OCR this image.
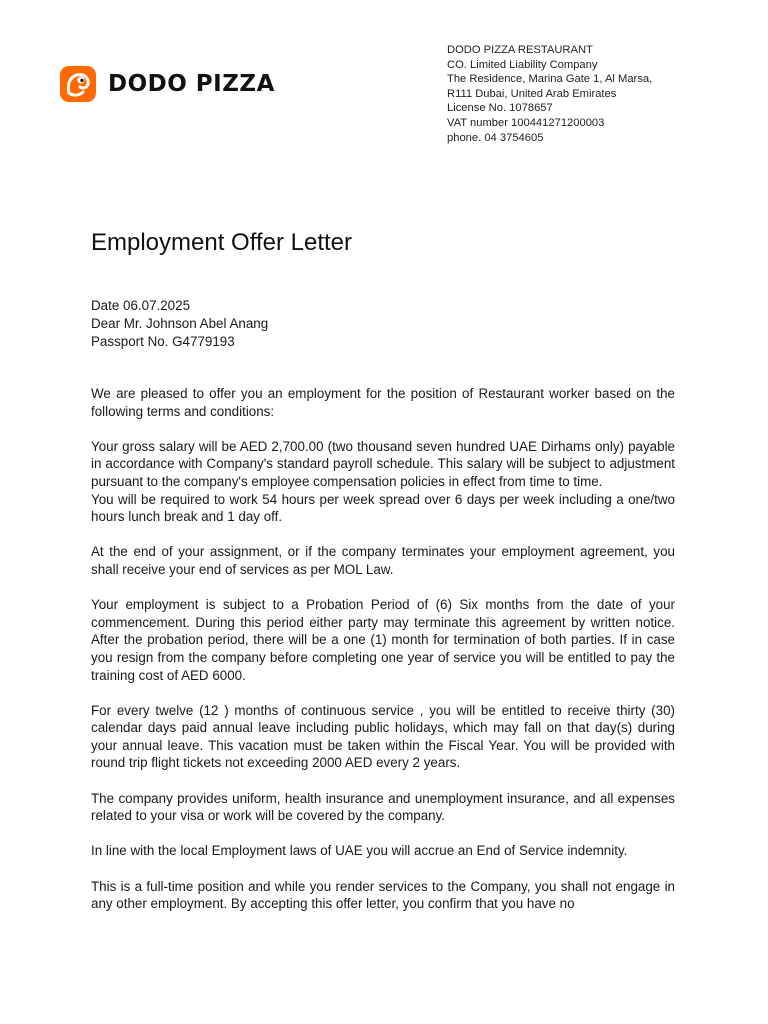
DODO PIZZA
DODO PIZZA RESTAURANT
CO. Limited Liability Company
The Residence, Marina Gate 1, Al Marsa,
R111 Dubai, United Arab Emirates
License No. 1078657
VAT number 100441271200003
phone. 04 3754605
Employment Offer Letter
Date 06.07.2025
Dear Mr. Johnson Abel Anang
Passport No. G4779193

We are pleased to offer you an employment for the position of Restaurant worker based on the following terms and conditions:

Your gross salary will be AED 2,700.00 (two thousand seven hundred UAE Dirhams only) payable in accordance with Company's standard payroll schedule. This salary will be subject to adjustment pursuant to the company's employee compensation policies in effect from time to time.

You will be required to work 54 hours per week spread over 6 days per week including a one/two hours lunch break and 1 day off.

At the end of your assignment, or if the company terminates your employment agreement, you shall receive your end of services as per MOL Law.

Your employment is subject to a Probation Period of (6) Six months from the date of your commencement. During this period either party may terminate this agreement by written notice. After the probation period, there will be a one (1) month for termination of both parties. If in case you resign from the company before completing one year of service you will be entitled to pay the training cost of AED 6000.

For every twelve (12 ) months of continuous service , you will be entitled to receive thirty (30) calendar days paid annual leave including public holidays, which may fall on that day(s) during your annual leave. This vacation must be taken within the Fiscal Year. You will be provided with round trip flight tickets not exceeding 2000 AED every 2 years.

The company provides uniform, health insurance and unemployment insurance, and all expenses related to your visa or work will be covered by the company.

In line with the local Employment laws of UAE you will accrue an End of Service indemnity.

This is a full-time position and while you render services to the Company, you shall not engage in any other employment. By accepting this offer letter, you confirm that you have no
